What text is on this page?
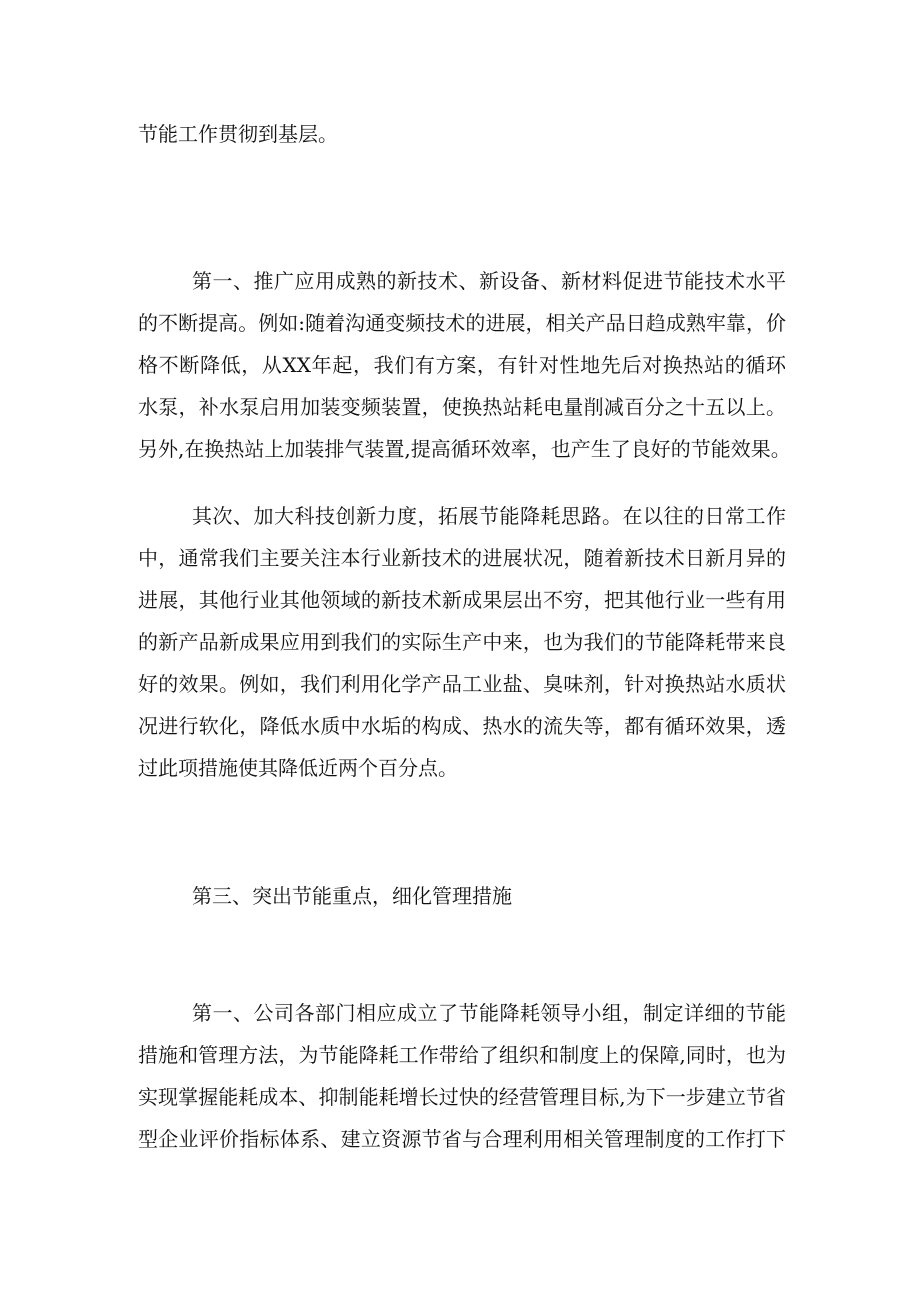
节能工作贯彻到基层。
第一、推广应用成熟的新技术、新设备、新材料促进节能技术水平
的不断提高。例如:随着沟通变频技术的进展，相关产品日趋成熟牢靠，价
格不断降低，从XX年起，我们有方案，有针对性地先后对换热站的循环
水泵，补水泵启用加装变频装置，使换热站耗电量削减百分之十五以上。
另外,在换热站上加装排气装置,提高循环效率，也产生了良好的节能效果。
其次、加大科技创新力度，拓展节能降耗思路。在以往的日常工作
中，通常我们主要关注本行业新技术的进展状况，随着新技术日新月异的
进展，其他行业其他领域的新技术新成果层出不穷，把其他行业一些有用
的新产品新成果应用到我们的实际生产中来，也为我们的节能降耗带来良
好的效果。例如，我们利用化学产品工业盐、臭味剂，针对换热站水质状
况进行软化，降低水质中水垢的构成、热水的流失等，都有循环效果，透
过此项措施使其降低近两个百分点。
第三、突出节能重点，细化管理措施
第一、公司各部门相应成立了节能降耗领导小组，制定详细的节能
措施和管理方法，为节能降耗工作带给了组织和制度上的保障,同时，也为
实现掌握能耗成本、抑制能耗增长过快的经营管理目标,为下一步建立节省
型企业评价指标体系、建立资源节省与合理利用相关管理制度的工作打下
